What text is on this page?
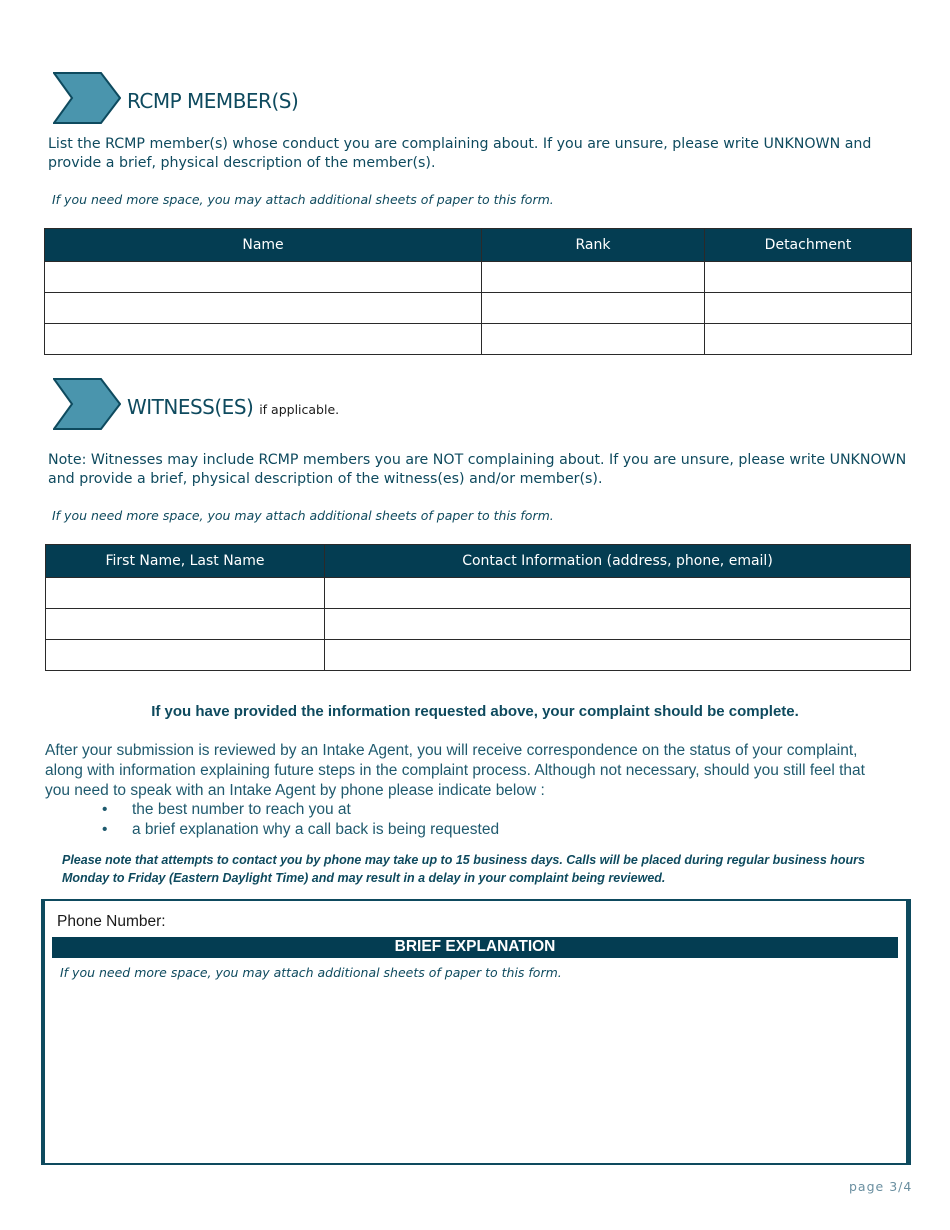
RCMP MEMBER(S)
List the RCMP member(s) whose conduct you are complaining about. If you are unsure, please write UNKNOWN and provide a brief, physical description of the member(s).
If you need more space, you may attach additional sheets of paper to this form.
Name	Rank	Detachment

WITNESS(ES) if applicable.
Note: Witnesses may include RCMP members you are NOT complaining about. If you are unsure, please write UNKNOWN and provide a brief, physical description of the witness(es) and/or member(s).
If you need more space, you may attach additional sheets of paper to this form.
First Name, Last Name	Contact Information (address, phone, email)

If you have provided the information requested above, your complaint should be complete.
After your submission is reviewed by an Intake Agent, you will receive correspondence on the status of your complaint, along with information explaining future steps in the complaint process. Although not necessary, should you still feel that you need to speak with an Intake Agent by phone please indicate below :
• the best number to reach you at
• a brief explanation why a call back is being requested
Please note that attempts to contact you by phone may take up to 15 business days. Calls will be placed during regular business hours Monday to Friday (Eastern Daylight Time) and may result in a delay in your complaint being reviewed.
Phone Number:
BRIEF EXPLANATION
If you need more space, you may attach additional sheets of paper to this form.
page 3/4
